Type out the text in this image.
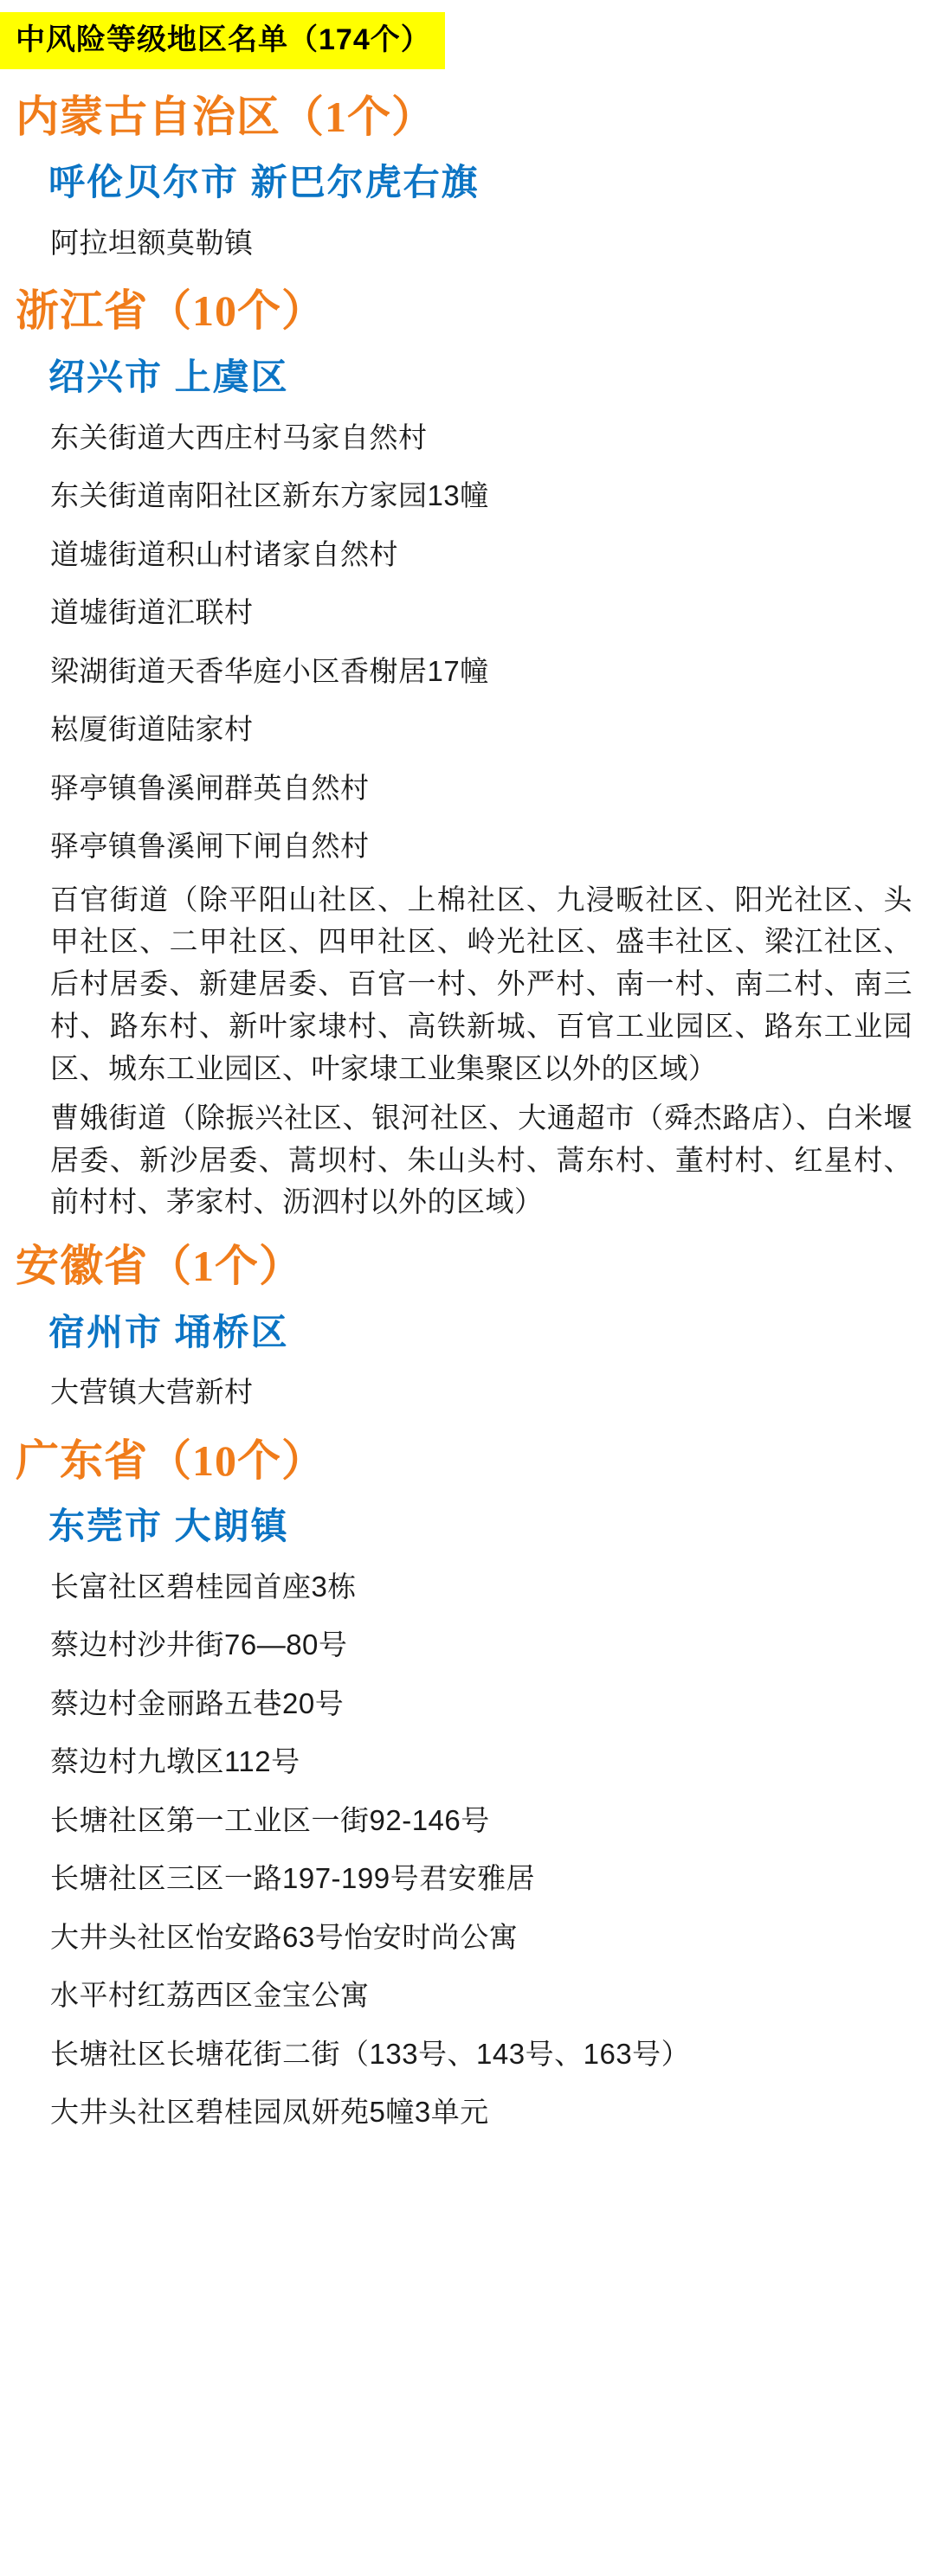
中风险等级地区名单（174个）
内蒙古自治区（1个）
呼伦贝尔市 新巴尔虎右旗
阿拉坦额莫勒镇
浙江省（10个）
绍兴市 上虞区
东关街道大西庄村马家自然村
东关街道南阳社区新东方家园13幢
道墟街道积山村诸家自然村
道墟街道汇联村
梁湖街道天香华庭小区香榭居17幢
崧厦街道陆家村
驿亭镇鲁溪闸群英自然村
驿亭镇鲁溪闸下闸自然村
百官街道（除平阳山社区、上棉社区、九浸畈社区、阳光社区、头甲社区、二甲社区、四甲社区、岭光社区、盛丰社区、梁江社区、后村居委、新建居委、百官一村、外严村、南一村、南二村、南三村、路东村、新叶家埭村、高铁新城、百官工业园区、路东工业园区、城东工业园区、叶家埭工业集聚区以外的区域）
曹娥街道（除振兴社区、银河社区、大通超市（舜杰路店）、白米堰居委、新沙居委、蒿坝村、朱山头村、蒿东村、董村村、红星村、前村村、茅家村、沥泗村以外的区域）
安徽省（1个）
宿州市 埇桥区
大营镇大营新村
广东省（10个）
东莞市 大朗镇
长富社区碧桂园首座3栋
蔡边村沙井街76—80号
蔡边村金丽路五巷20号
蔡边村九墩区112号
长塘社区第一工业区一街92-146号
长塘社区三区一路197-199号君安雅居
大井头社区怡安路63号怡安时尚公寓
水平村红荔西区金宝公寓
长塘社区长塘花街二街（133号、143号、163号）
大井头社区碧桂园凤妍苑5幢3单元
